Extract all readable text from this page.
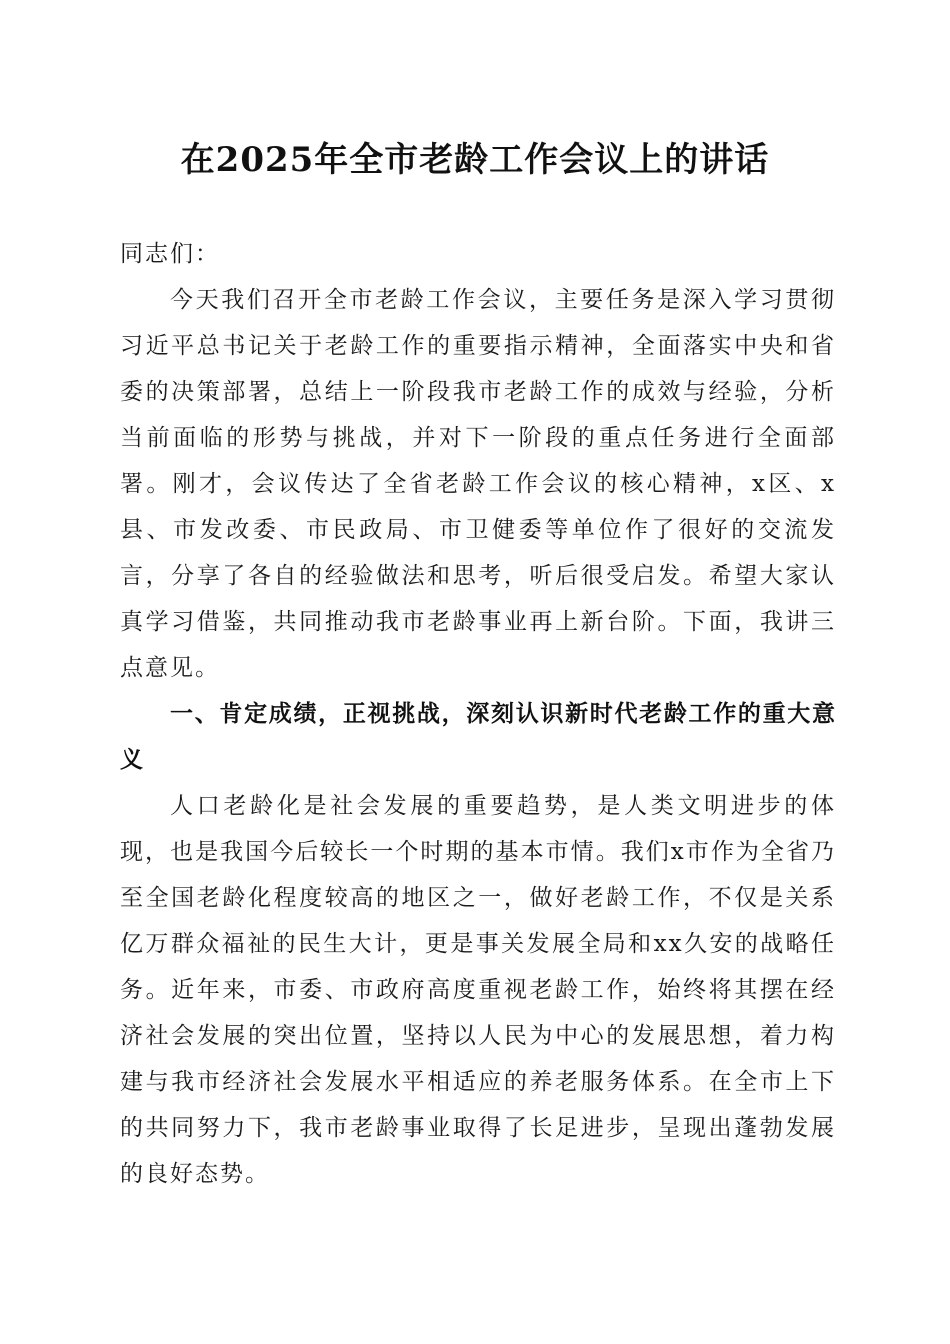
在2025年全市老龄工作会议上的讲话

同志们：

今天我们召开全市老龄工作会议，主要任务是深入学习贯彻习近平总书记关于老龄工作的重要指示精神，全面落实中央和省委的决策部署，总结上一阶段我市老龄工作的成效与经验，分析当前面临的形势与挑战，并对下一阶段的重点任务进行全面部署。刚才，会议传达了全省老龄工作会议的核心精神，x区、x县、市发改委、市民政局、市卫健委等单位作了很好的交流发言，分享了各自的经验做法和思考，听后很受启发。希望大家认真学习借鉴，共同推动我市老龄事业再上新台阶。下面，我讲三点意见。

一、肯定成绩，正视挑战，深刻认识新时代老龄工作的重大意义

人口老龄化是社会发展的重要趋势，是人类文明进步的体现，也是我国今后较长一个时期的基本市情。我们x市作为全省乃至全国老龄化程度较高的地区之一，做好老龄工作，不仅是关系亿万群众福祉的民生大计，更是事关发展全局和xx久安的战略任务。近年来，市委、市政府高度重视老龄工作，始终将其摆在经济社会发展的突出位置，坚持以人民为中心的发展思想，着力构建与我市经济社会发展水平相适应的养老服务体系。在全市上下的共同努力下，我市老龄事业取得了长足进步，呈现出蓬勃发展的良好态势。
